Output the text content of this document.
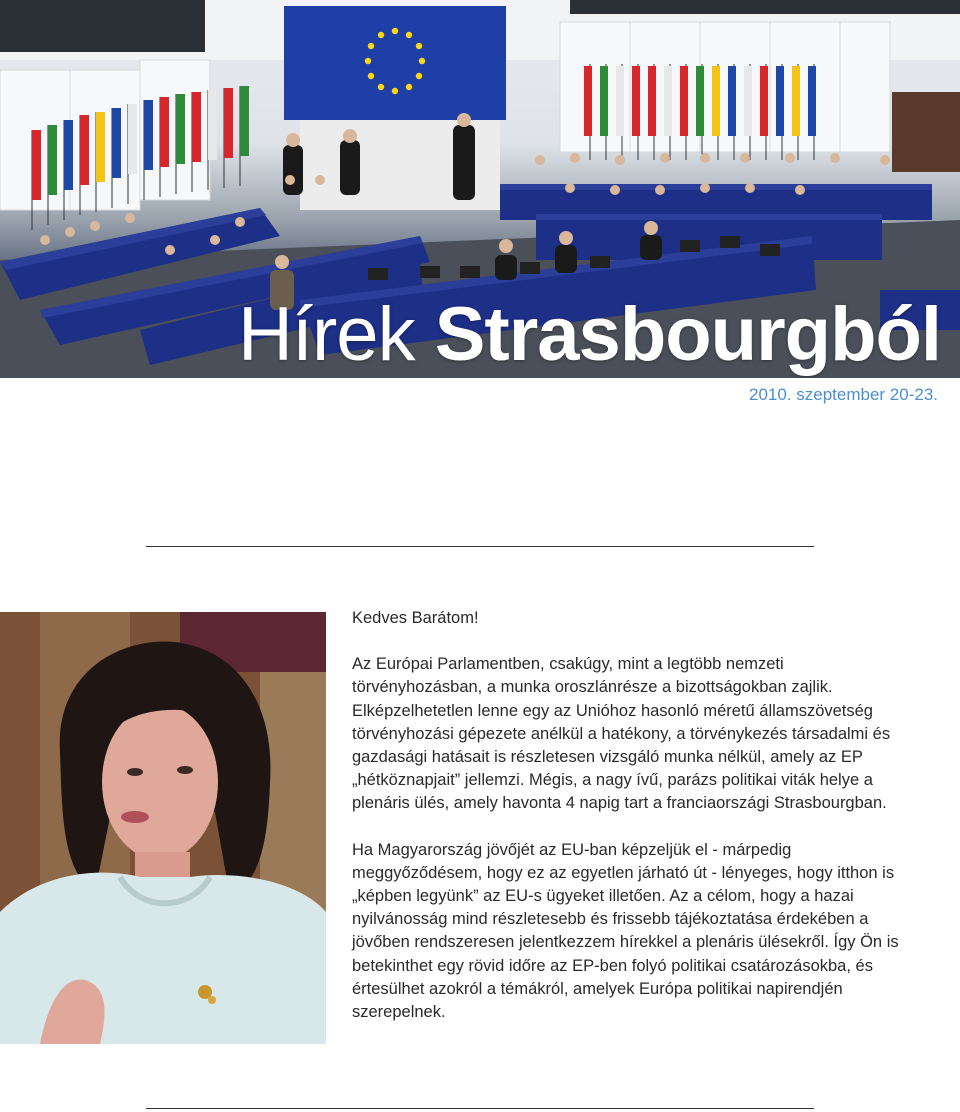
Hírek Strasbourgból
2010. szeptember 20-23.

Kedves Barátom!

Az Európai Parlamentben, csakúgy, mint a legtöbb nemzeti törvényhozásban, a munka oroszlánrésze a bizottságokban zajlik. Elképzelhetetlen lenne egy az Unióhoz hasonló méretű államszövetség törvényhozási gépezete anélkül a hatékony, a törvénykezés társadalmi és gazdasági hatásait is részletesen vizsgáló munka nélkül, amely az EP „hétköznapjait” jellemzi. Mégis, a nagy ívű, parázs politikai viták helye a plenáris ülés, amely havonta 4 napig tart a franciaországi Strasbourgban.

Ha Magyarország jövőjét az EU-ban képzeljük el - márpedig meggyőződésem, hogy ez az egyetlen járható út - lényeges, hogy itthon is „képben legyünk” az EU-s ügyeket illetően. Az a célom, hogy a hazai nyilvánosság mind részletesebb és frissebb tájékoztatása érdekében a jövőben rendszeresen jelentkezzem hírekkel a plenáris ülésekről. Így Ön is betekinthet egy rövid időre az EP-ben folyó politikai csatározásokba, és értesülhet azokról a témákról, amelyek Európa politikai napirendjén szerepelnek.
